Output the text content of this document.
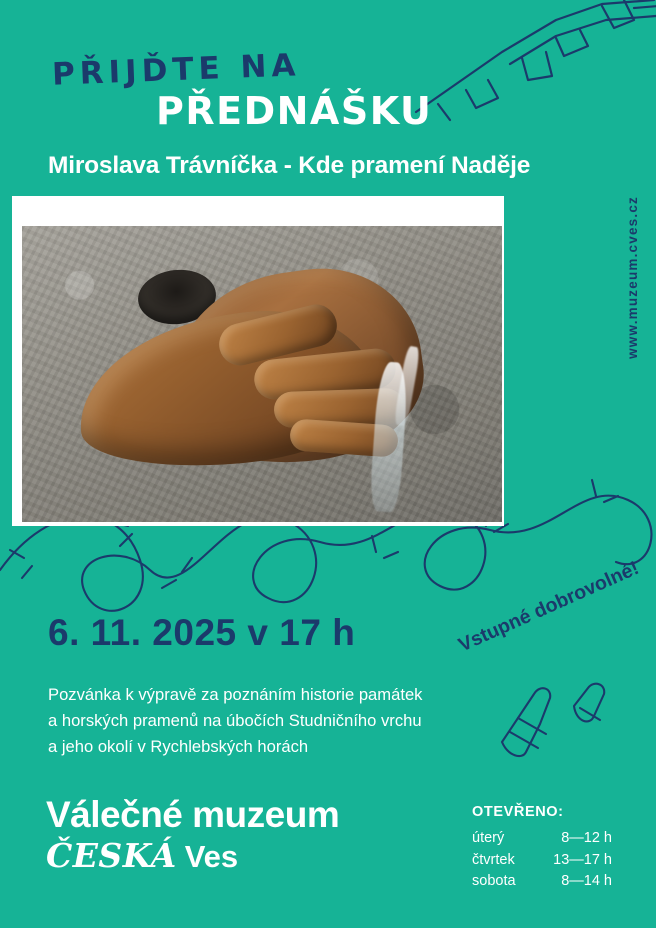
PŘIJĎTE NA
PŘEDNÁŠKU
Miroslava Trávníčka - Kde pramení Naděje
www.muzeum.cves.cz
Vstupné dobrovolné!
6. 11. 2025 v 17 h
Pozvánka k výpravě za poznáním historie památek
a horských pramenů na úbočích Studničního vrchu
a jeho okolí v Rychlebských horách
Válečné muzeum
ČESKÁ Ves
OTEVŘENO:
úterý	8—12 h
čtvrtek	13—17 h
sobota	8—14 h
